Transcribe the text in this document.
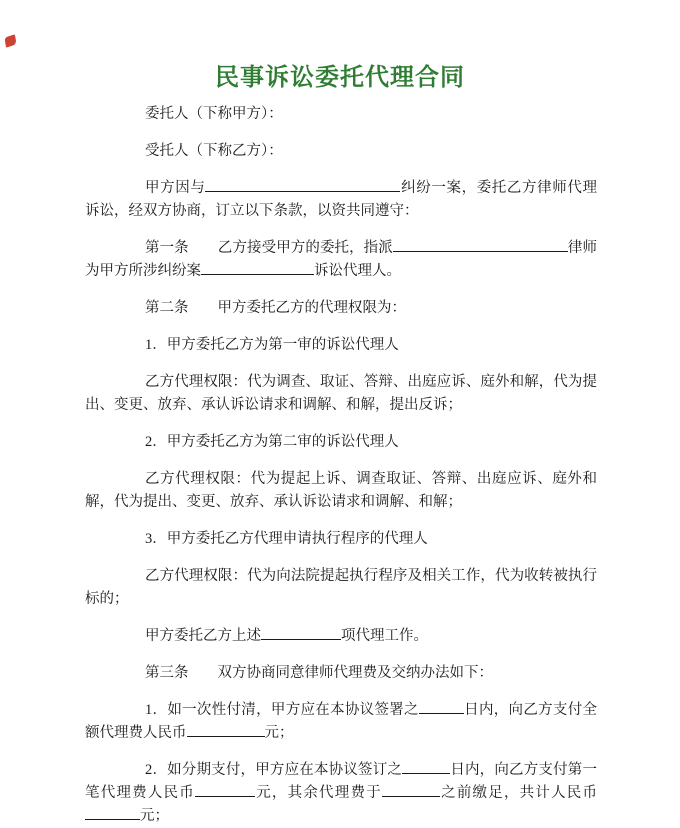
民事诉讼委托代理合同

委托人（下称甲方）：

受托人（下称乙方）：

甲方因与	纠纷一案，委托乙方律师代理诉讼，经双方协商，订立以下条款，以资共同遵守：

第一条　　乙方接受甲方的委托，指派	律师为甲方所涉纠纷案	诉讼代理人。

第二条　　甲方委托乙方的代理权限为：

1．甲方委托乙方为第一审的诉讼代理人

乙方代理权限：代为调查、取证、答辩、出庭应诉、庭外和解，代为提出、变更、放弃、承认诉讼请求和调解、和解，提出反诉；

2．甲方委托乙方为第二审的诉讼代理人

乙方代理权限：代为提起上诉、调查取证、答辩、出庭应诉、庭外和解，代为提出、变更、放弃、承认诉讼请求和调解、和解；

3．甲方委托乙方代理申请执行程序的代理人

乙方代理权限：代为向法院提起执行程序及相关工作，代为收转被执行标的；

甲方委托乙方上述	项代理工作。

第三条　　双方协商同意律师代理费及交纳办法如下：

1．如一次性付清，甲方应在本协议签署之	日内，向乙方支付全额代理费人民币	元；

2．如分期支付，甲方应在本协议签订之	日内，向乙方支付第一笔代理费人民币	元，其余代理费于	之前缴足，共计人民币元；
